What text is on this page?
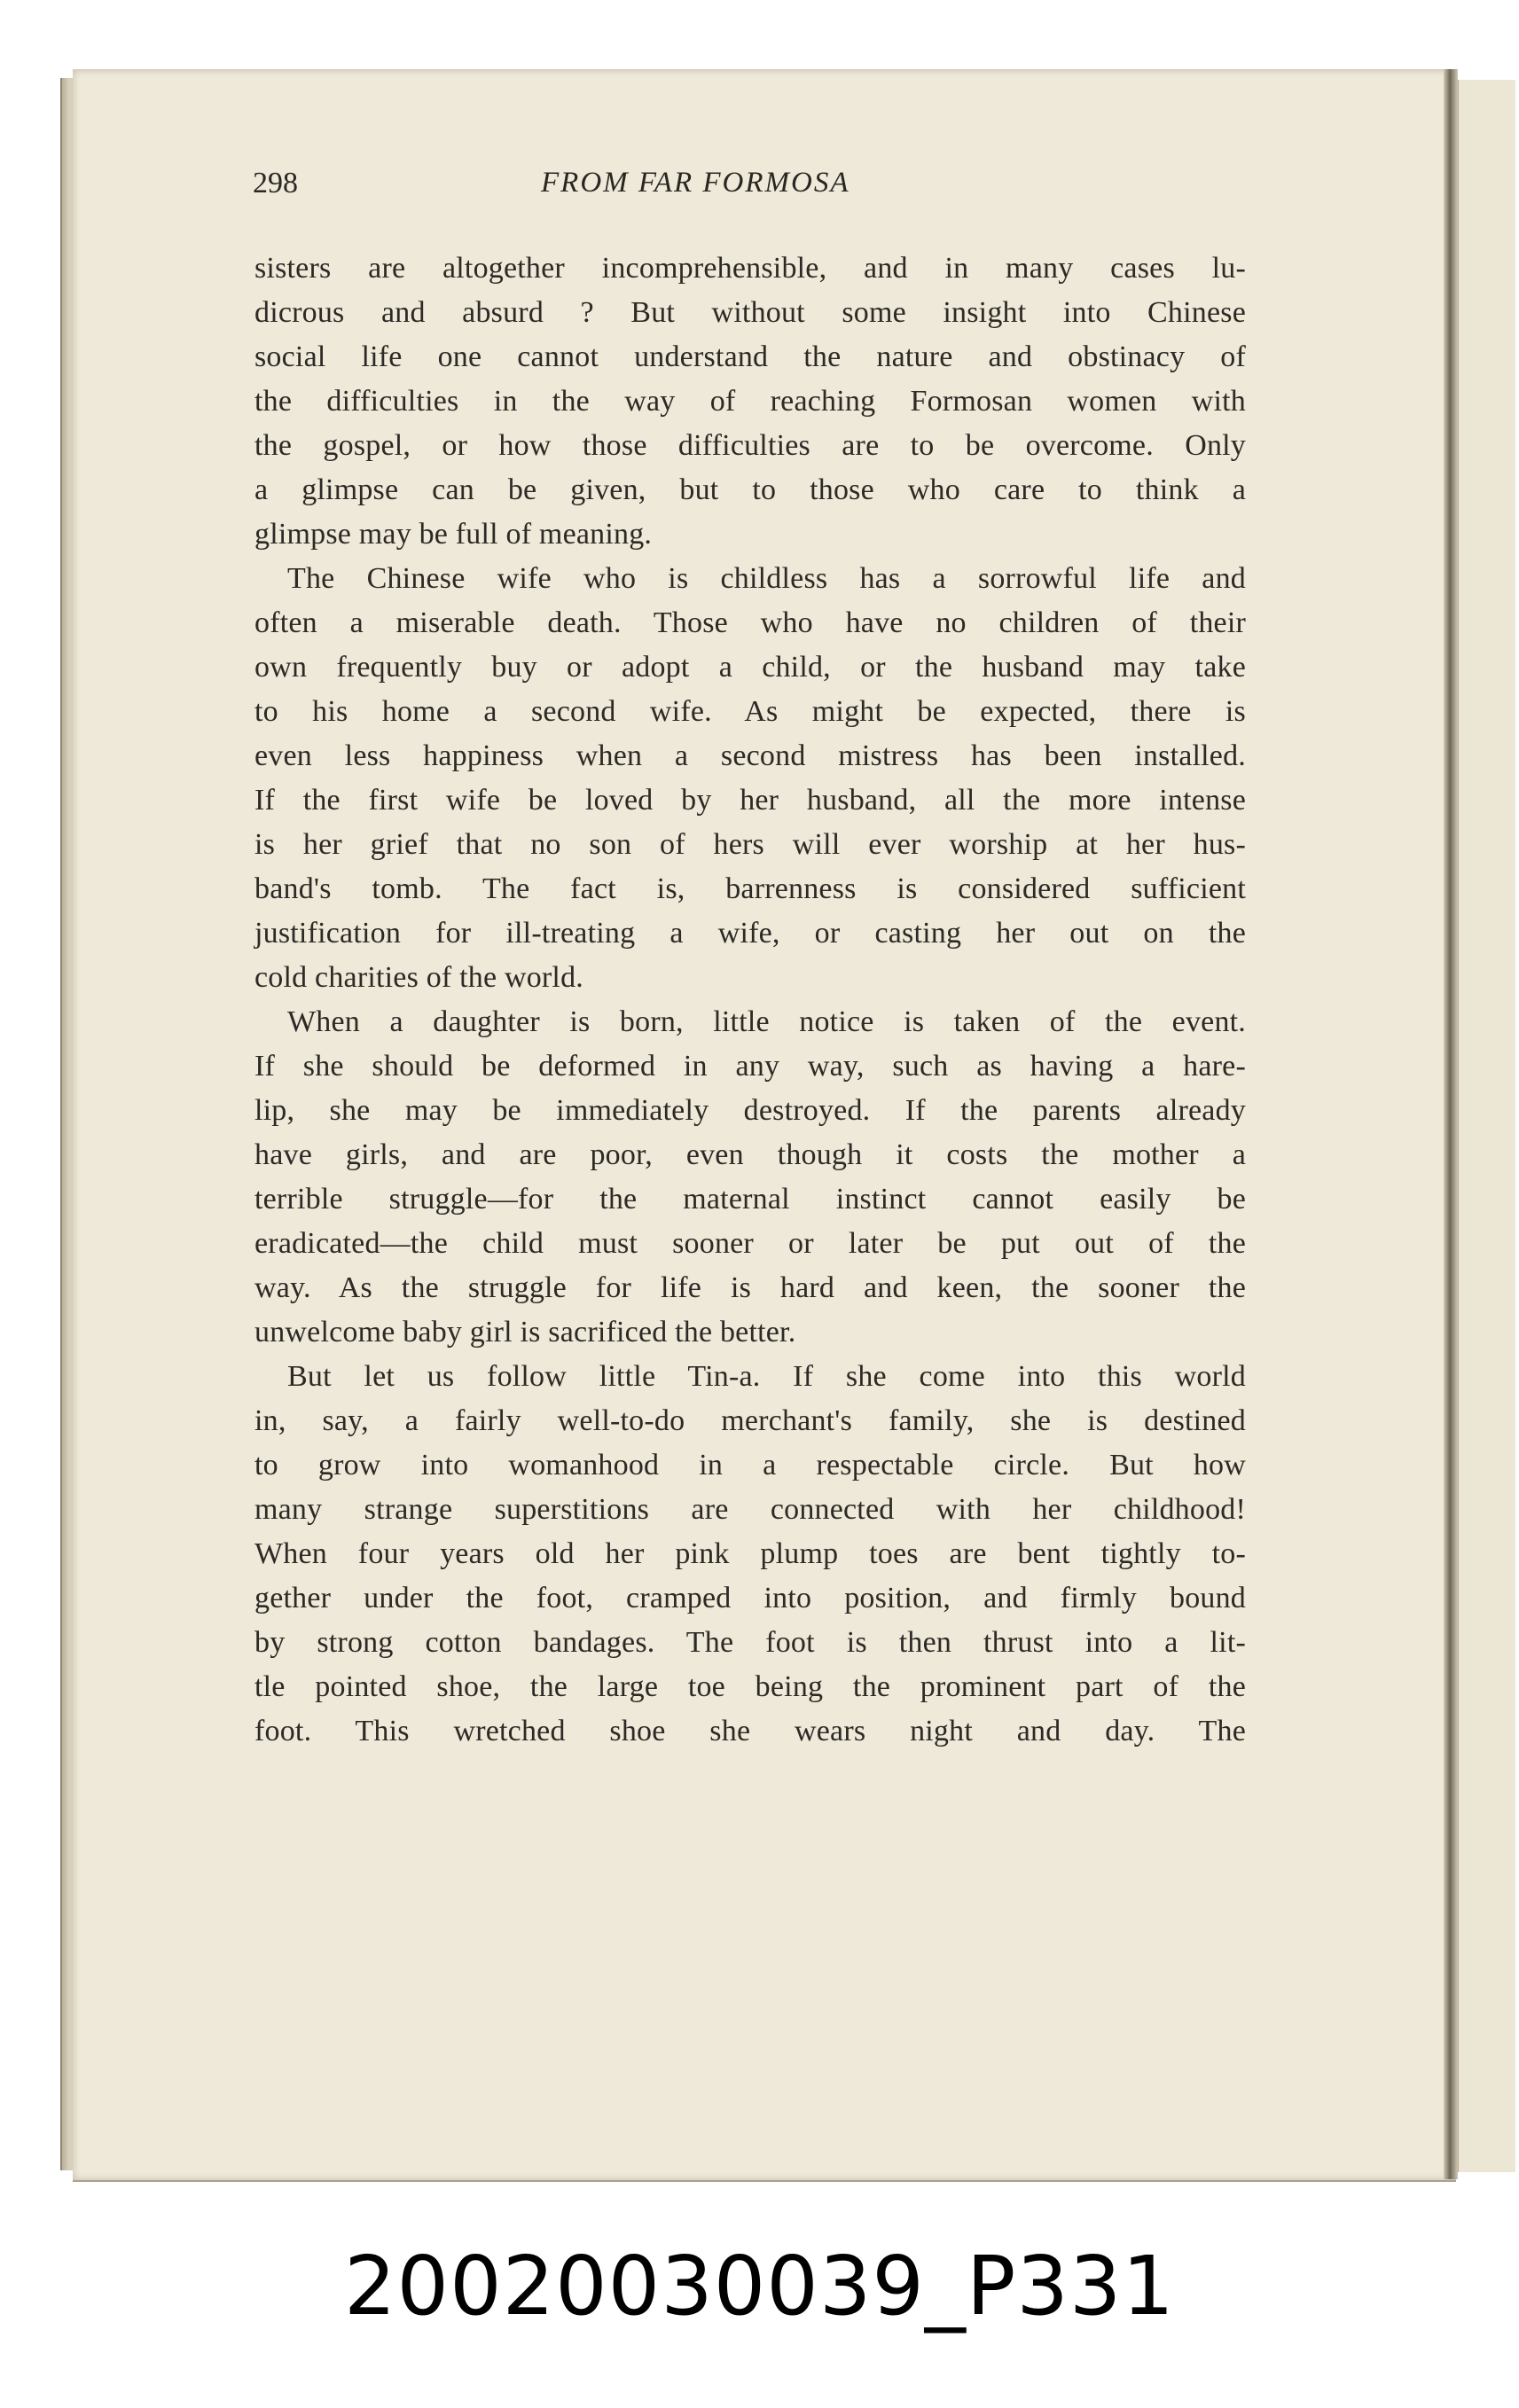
298	FROM FAR FORMOSA
sisters are altogether incomprehensible, and in many cases lu-
dicrous and absurd ? But without some insight into Chinese
social life one cannot understand the nature and obstinacy of
the difficulties in the way of reaching Formosan women with
the gospel, or how those difficulties are to be overcome. Only
a glimpse can be given, but to those who care to think a
glimpse may be full of meaning.
The Chinese wife who is childless has a sorrowful life and
often a miserable death. Those who have no children of their
own frequently buy or adopt a child, or the husband may take
to his home a second wife. As might be expected, there is
even less happiness when a second mistress has been installed.
If the first wife be loved by her husband, all the more intense
is her grief that no son of hers will ever worship at her hus-
band's tomb. The fact is, barrenness is considered sufficient
justification for ill-treating a wife, or casting her out on the
cold charities of the world.
When a daughter is born, little notice is taken of the event.
If she should be deformed in any way, such as having a hare-
lip, she may be immediately destroyed. If the parents already
have girls, and are poor, even though it costs the mother a
terrible struggle—for the maternal instinct cannot easily be
eradicated—the child must sooner or later be put out of the
way. As the struggle for life is hard and keen, the sooner the
unwelcome baby girl is sacrificed the better.
But let us follow little Tin-a. If she come into this world
in, say, a fairly well-to-do merchant's family, she is destined
to grow into womanhood in a respectable circle. But how
many strange superstitions are connected with her childhood!
When four years old her pink plump toes are bent tightly to-
gether under the foot, cramped into position, and firmly bound
by strong cotton bandages. The foot is then thrust into a lit-
tle pointed shoe, the large toe being the prominent part of the
foot. This wretched shoe she wears night and day. The
20020030039_P331
